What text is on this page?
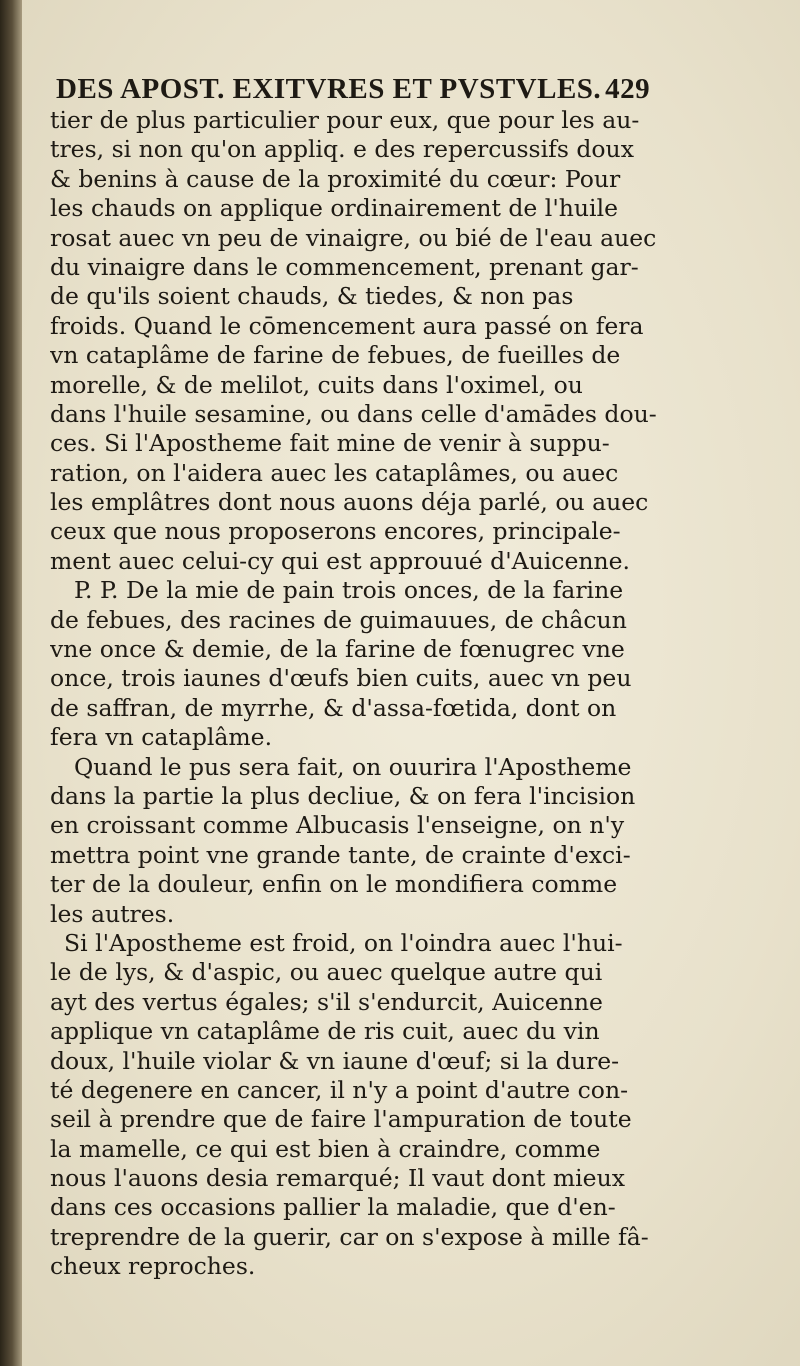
DES APOST. EXITVRES ET PVSTVLES. 429
tier de plus particulier pour eux, que pour les au-
tres, si non qu'on appliq. e des repercussifs doux
& benins à cause de la proximité du cœur: Pour
les chauds on applique ordinairement de l'huile
rosat auec vn peu de vinaigre, ou bié de l'eau auec
du vinaigre dans le commencement, prenant gar-
de qu'ils soient chauds, & tiedes, & non pas
froids. Quand le cōmencement aura passé on fera
vn cataplâme de farine de febues, de fueilles de
morelle, & de melilot, cuits dans l'oximel, ou
dans l'huile sesamine, ou dans celle d'amādes dou-
ces. Si l'Apostheme fait mine de venir à suppu-
ration, on l'aidera auec les cataplâmes, ou auec
les emplâtres dont nous auons déja parlé, ou auec
ceux que nous proposerons encores, principale-
ment auec celui-cy qui est approuué d'Auicenne.
P. P. De la mie de pain trois onces, de la farine
de febues, des racines de guimauues, de châcun
vne once & demie, de la farine de fœnugrec vne
once, trois iaunes d'œufs bien cuits, auec vn peu
de saffran, de myrrhe, & d'assa-fœtida, dont on
fera vn cataplâme.
Quand le pus sera fait, on ouurira l'Apostheme
dans la partie la plus decliue, & on fera l'incision
en croissant comme Albucasis l'enseigne, on n'y
mettra point vne grande tante, de crainte d'exci-
ter de la douleur, enfin on le mondifiera comme
les autres.
Si l'Apostheme est froid, on l'oindra auec l'hui-
le de lys, & d'aspic, ou auec quelque autre qui
ayt des vertus égales; s'il s'endurcit, Auicenne
applique vn cataplâme de ris cuit, auec du vin
doux, l'huile violar & vn iaune d'œuf; si la dure-
té degenere en cancer, il n'y a point d'autre con-
seil à prendre que de faire l'ampuration de toute
la mamelle, ce qui est bien à craindre, comme
nous l'auons desia remarqué; Il vaut dont mieux
dans ces occasions pallier la maladie, que d'en-
treprendre de la guerir, car on s'expose à mille fâ-
cheux reproches.
